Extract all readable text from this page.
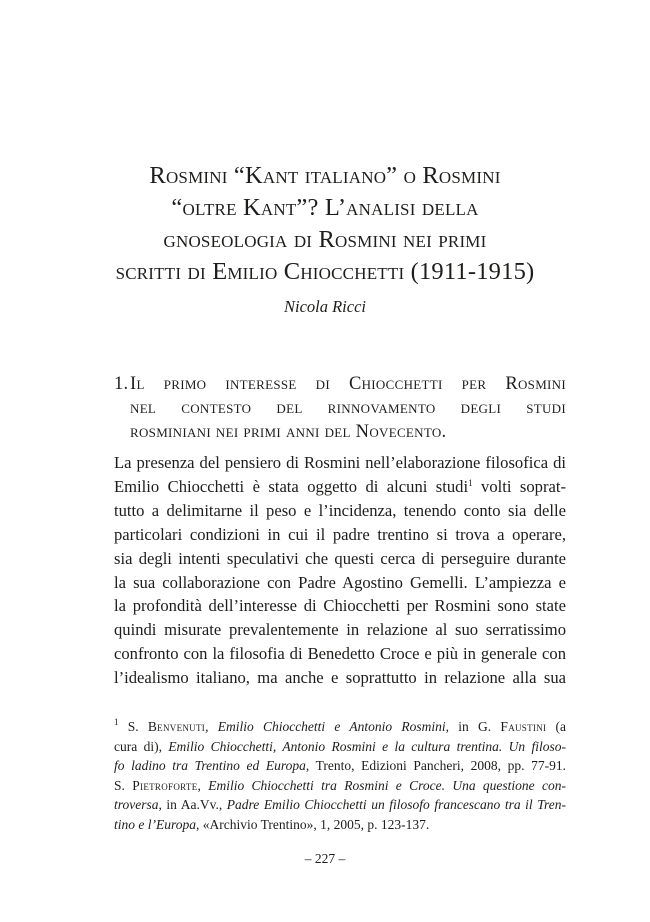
Rosmini “Kant italiano” o Rosmini
“oltre Kant”? L’analisi della
gnoseologia di Rosmini nei primi
scritti di Emilio Chiocchetti (1911-1915)
Nicola Ricci
1. Il primo interesse di Chiocchetti per Rosmini
nel contesto del rinnovamento degli studi
rosminiani nei primi anni del Novecento.
La presenza del pensiero di Rosmini nell’elaborazione filosofica di
Emilio Chiocchetti è stata oggetto di alcuni studi$^1$ volti soprat-
tutto a delimitarne il peso e l’incidenza, tenendo conto sia delle
particolari condizioni in cui il padre trentino si trova a operare,
sia degli intenti speculativi che questi cerca di perseguire durante
la sua collaborazione con Padre Agostino Gemelli. L’ampiezza e
la profondità dell’interesse di Chiocchetti per Rosmini sono state
quindi misurate prevalentemente in relazione al suo serratissimo
confronto con la filosofia di Benedetto Croce e più in generale con
l’idealismo italiano, ma anche e soprattutto in relazione alla sua
$^1$ S. Benvenuti, Emilio Chiocchetti e Antonio Rosmini, in G. Faustini (a
cura di), Emilio Chiocchetti, Antonio Rosmini e la cultura trentina. Un filoso-
fo ladino tra Trentino ed Europa, Trento, Edizioni Pancheri, 2008, pp. 77-91.
S. Pietroforte, Emilio Chiocchetti tra Rosmini e Croce. Una questione con-
troversa, in Aa.Vv., Padre Emilio Chiocchetti un filosofo francescano tra il Tren-
tino e l’Europa, «Archivio Trentino», 1, 2005, p. 123-137.
– 227 –
